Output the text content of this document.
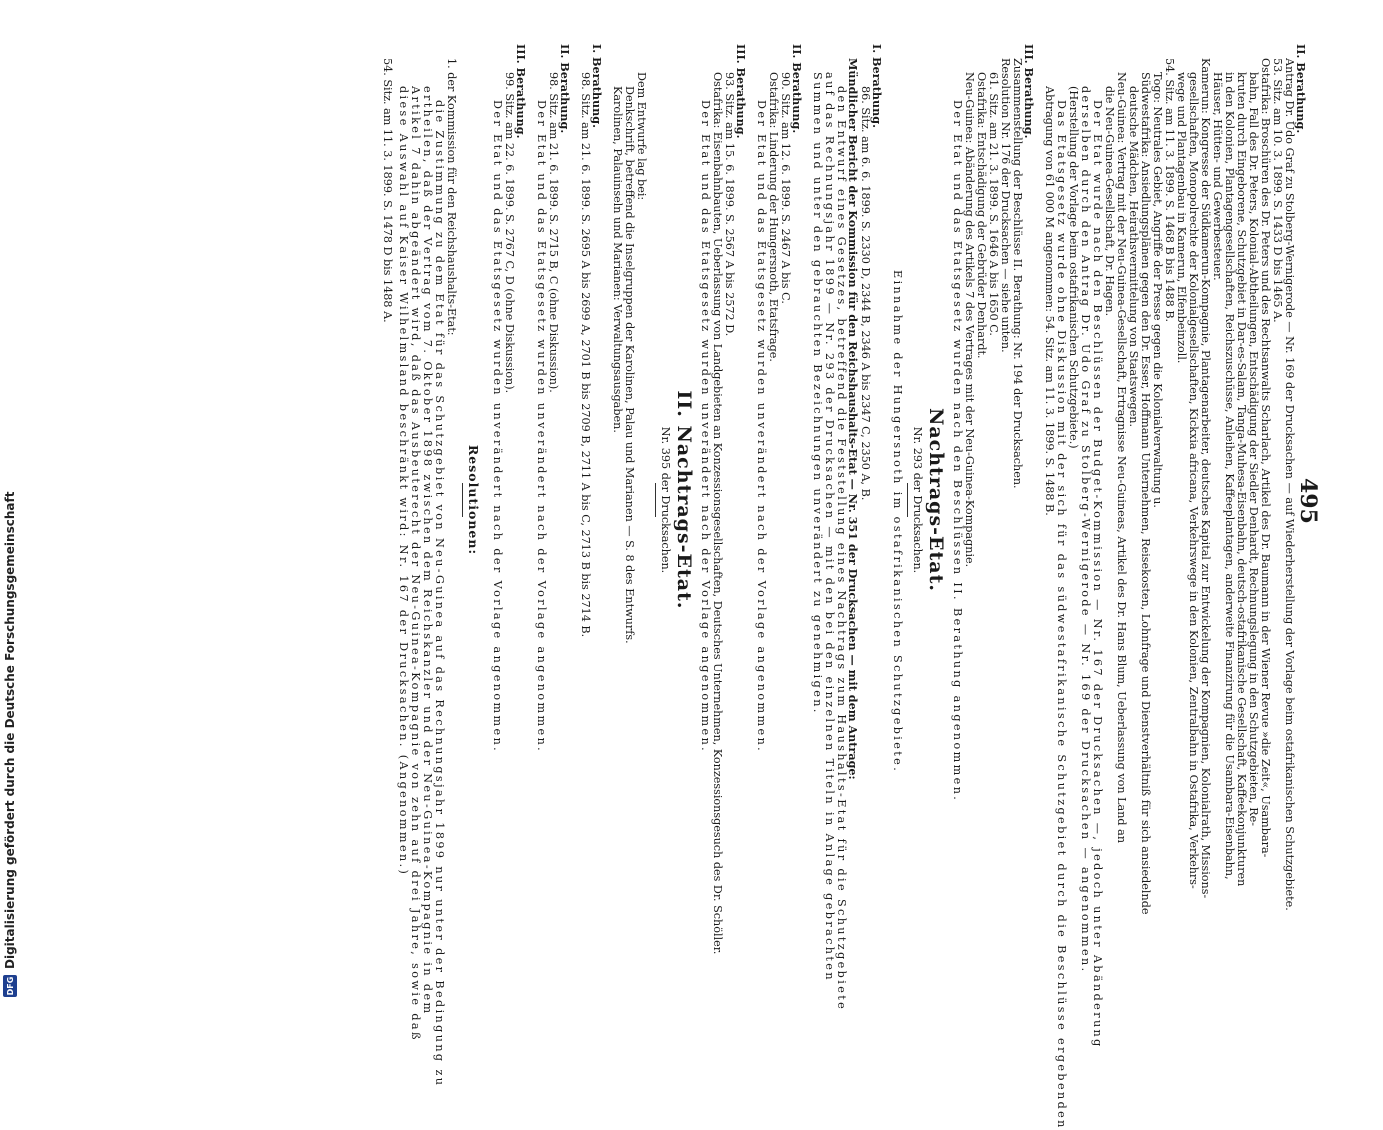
495
II. Berathung.
Antrag Dr. Udo Graf zu Stolberg-Wernigerode — Nr. 169 der Drucksachen — auf Wiederherstellung der Vorlage beim ostafrikanischen Schutzgebiete.
53. Sitz. am 10. 3. 1899. S. 1433 D bis 1465 A.
Ostafrika: Broschüren des Dr. Peters und des Rechtsanwalts Scharlach, Artikel des Dr. Baumann in der Wiener Revue »die Zeit«, Usambara-
bahn, Fall des Dr. Peters, Kolonial-Abtheilungen, Entschädigung der Siedler Denhardt, Rechnungslegung in den Schutzgebieten, Re-
kruten durch Eingeborene, Schutzgebiet in Dar-es-Salam, Tanga-Muhesa-Eisenbahn, deutsch-ostafrikanische Gesellschaft, Kaffeekonjunkturen
in den Kolonien, Plantagengesellschaften, Reichszuschüsse, Anleihen, Kaffeeplantagen, anderweite Finanzirung für die Usambara-Eisenbahn,
Häuser, Hütten- und Gewerbesteuer.
Kamerun: Kongresse der Südkamerun-Kompagnie, Plantagenarbeiter, deutsches Kapital zur Entwickelung der Kompagnien, Kolonialrath, Missions-
gesellschaften, Monopolrechte der Kolonialgesellschaften, Kickxia africana, Verkehrswege in den Kolonien, Zentralbahn in Ostafrika, Verkehrs-
wege und Plantagenbau in Kamerun, Elfenbeinzoll.
54. Sitz. am 11. 3. 1899. S. 1468 B bis 1488 B.
Togo: Neutrales Gebiet, Angriffe der Presse gegen die Kolonialverwaltung u.
Südwestafrika: Ansiedlungsplänen gegen den Dr. Esser, Hoffmann Unternehmen, Reisekosten, Lohnfrage und Dienstverhältniß für sich ansiedelnde
deutsche Mädchen, Heirathsvermittelung von Staatswegen.
Neu-Guinea: Vertrag mit der Neu-Guinea-Gesellschaft, Ertragnisse Neu-Guineas, Artikel des Dr. Hans Blum, Ueberlassung von Land an
die Neu-Guinea-Gesellschaft, Dr. Hagen.
Der Etat wurde nach den Beschlüssen der Budget-Kommission — Nr. 167 der Drucksachen —, jedoch unter Abänderung
derselben durch den Antrag Dr. Udo Graf zu Stolberg-Wernigerode — Nr. 169 der Drucksachen — angenommen.
(Herstellung der Vorlage beim ostafrikanischen Schutzgebiete.)
Das Etatsgesetz wurde ohne Diskussion mit der sich für das südwestafrikanische Schutzgebiet durch die Beschlüsse ergebenden
Abtragung von 61 000 M angenommen: 54. Sitz. am 11. 3. 1899. S. 1488 B.
III. Berathung.
Zusammenstellung der Beschlüsse II. Berathung: Nr. 194 der Drucksachen.
Resolution Nr. 176 der Drucksachen — siehe unten.
61. Sitz. am 21. 3. 1899. S. 1646 A bis 1650 C.
Ostafrika: Entschädigung der Gebrüder Denhardt.
Neu-Guinea: Abänderung des Artikels 7 des Vertrages mit der Neu-Guinea-Kompagnie.
Der Etat und das Etatsgesetz wurden nach den Beschlüssen II. Berathung angenommen.
Nachtrags-Etat.
Nr. 293 der Drucksachen.
Einnahme der Hungersnoth im ostafrikanischen Schutzgebiete.
I. Berathung.
86. Sitz. am 6. 6. 1899. S. 2330 D, 2344 B, 2346 A bis 2347 C, 2350 A, B.
Mündlicher Bericht der Kommission für den Reichshaushalts-Etat — Nr. 351 der Drucksachen — mit dem Antrage:
den Entwurf eines Gesetzes, betreffend die Feststellung eines Nachtrags zum Haushalts-Etat für die Schutzgebiete
auf das Rechnungsjahr 1899 — Nr. 293 der Drucksachen — mit den bei den einzelnen Titeln in Anlage gebrachten
Summen und unter den gebrauchten Bezeichnungen unverändert zu genehmigen.
II. Berathung.
90. Sitz. am 12. 6. 1899. S. 2467 A bis C.
Ostafrika: Linderung der Hungersnoth, Etatsfrage.
Der Etat und das Etatsgesetz wurden unverändert nach der Vorlage angenommen.
III. Berathung.
93. Sitz. am 15. 6. 1899. S. 2567 A bis 2572 D.
Ostafrika: Eisenbahnbauten, Ueberlassung von Landgebieten an Konzessionsgesellschaften, Deutsches Unternehmen, Konzessionsgesuch des Dr. Schöller.
Der Etat und das Etatsgesetz wurden unverändert nach der Vorlage angenommen.
II. Nachtrags-Etat.
Nr. 395 der Drucksachen.
Dem Entwurfe lag bei:
Denkschrift, betreffend die Inselgruppen der Karolinen, Palau und Marianen — S. 8 des Entwurfs.
Karolinen, Palauinseln und Marianen: Verwaltungsausgaben.
I. Berathung.
98. Sitz. am 21. 6. 1899. S. 2695 A bis 2699 A, 2701 B bis 2709 B, 2711 A bis C, 2713 B bis 2714 B.
II. Berathung.
98. Sitz. am 21. 6. 1899. S. 2715 B, C (ohne Diskussion).
Der Etat und das Etatsgesetz wurden unverändert nach der Vorlage angenommen.
III. Berathung.
99. Sitz. am 22. 6. 1899. S. 2767 C, D (ohne Diskussion).
Der Etat und das Etatsgesetz wurden unverändert nach der Vorlage angenommen.
Resolutionen:
1. der Kommission für den Reichshaushalts-Etat:
die Zustimmung zu dem Etat für das Schutzgebiet von Neu-Guinea auf das Rechnungsjahr 1899 nur unter der Bedingung zu
ertheilen, daß der Vertrag vom 7. Oktober 1898 zwischen dem Reichskanzler und der Neu-Guinea-Kompagnie in dem
Artikel 7 dahin abgeändert wird, daß das Ausbeuterecht der Neu-Guinea-Kompagnie von zehn auf drei Jahre, sowie daß
diese Auswahl auf Kaiser Wilhelmsland beschränkt wird: Nr. 167 der Drucksachen. (Angenommen.)
54. Sitz. am 11. 3. 1899. S. 1478 D bis 1488 A.
DFG
Digitalisierung gefördert durch die Deutsche Forschungsgemeinschaft
